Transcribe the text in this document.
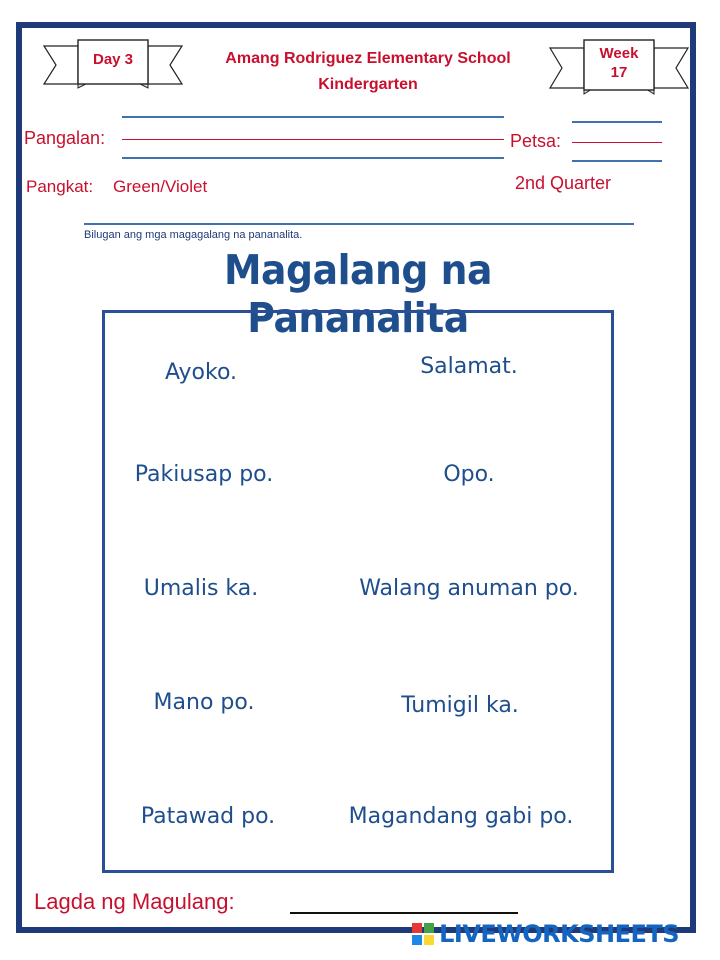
Day 3	Amang Rodriguez Elementary School
Kindergarten
Week
17
Pangalan:	Petsa:
Pangkat: Green/Violet	2nd Quarter
Bilugan ang mga magagalang na pananalita.
Magalang na Pananalita
Ayoko.	Salamat.
Pakiusap po.	Opo.
Umalis ka.	Walang anuman po.
Mano po.	Tumigil ka.
Patawad po.	Magandang gabi po.
Lagda ng Magulang:
LIVEWORKSHEETS
